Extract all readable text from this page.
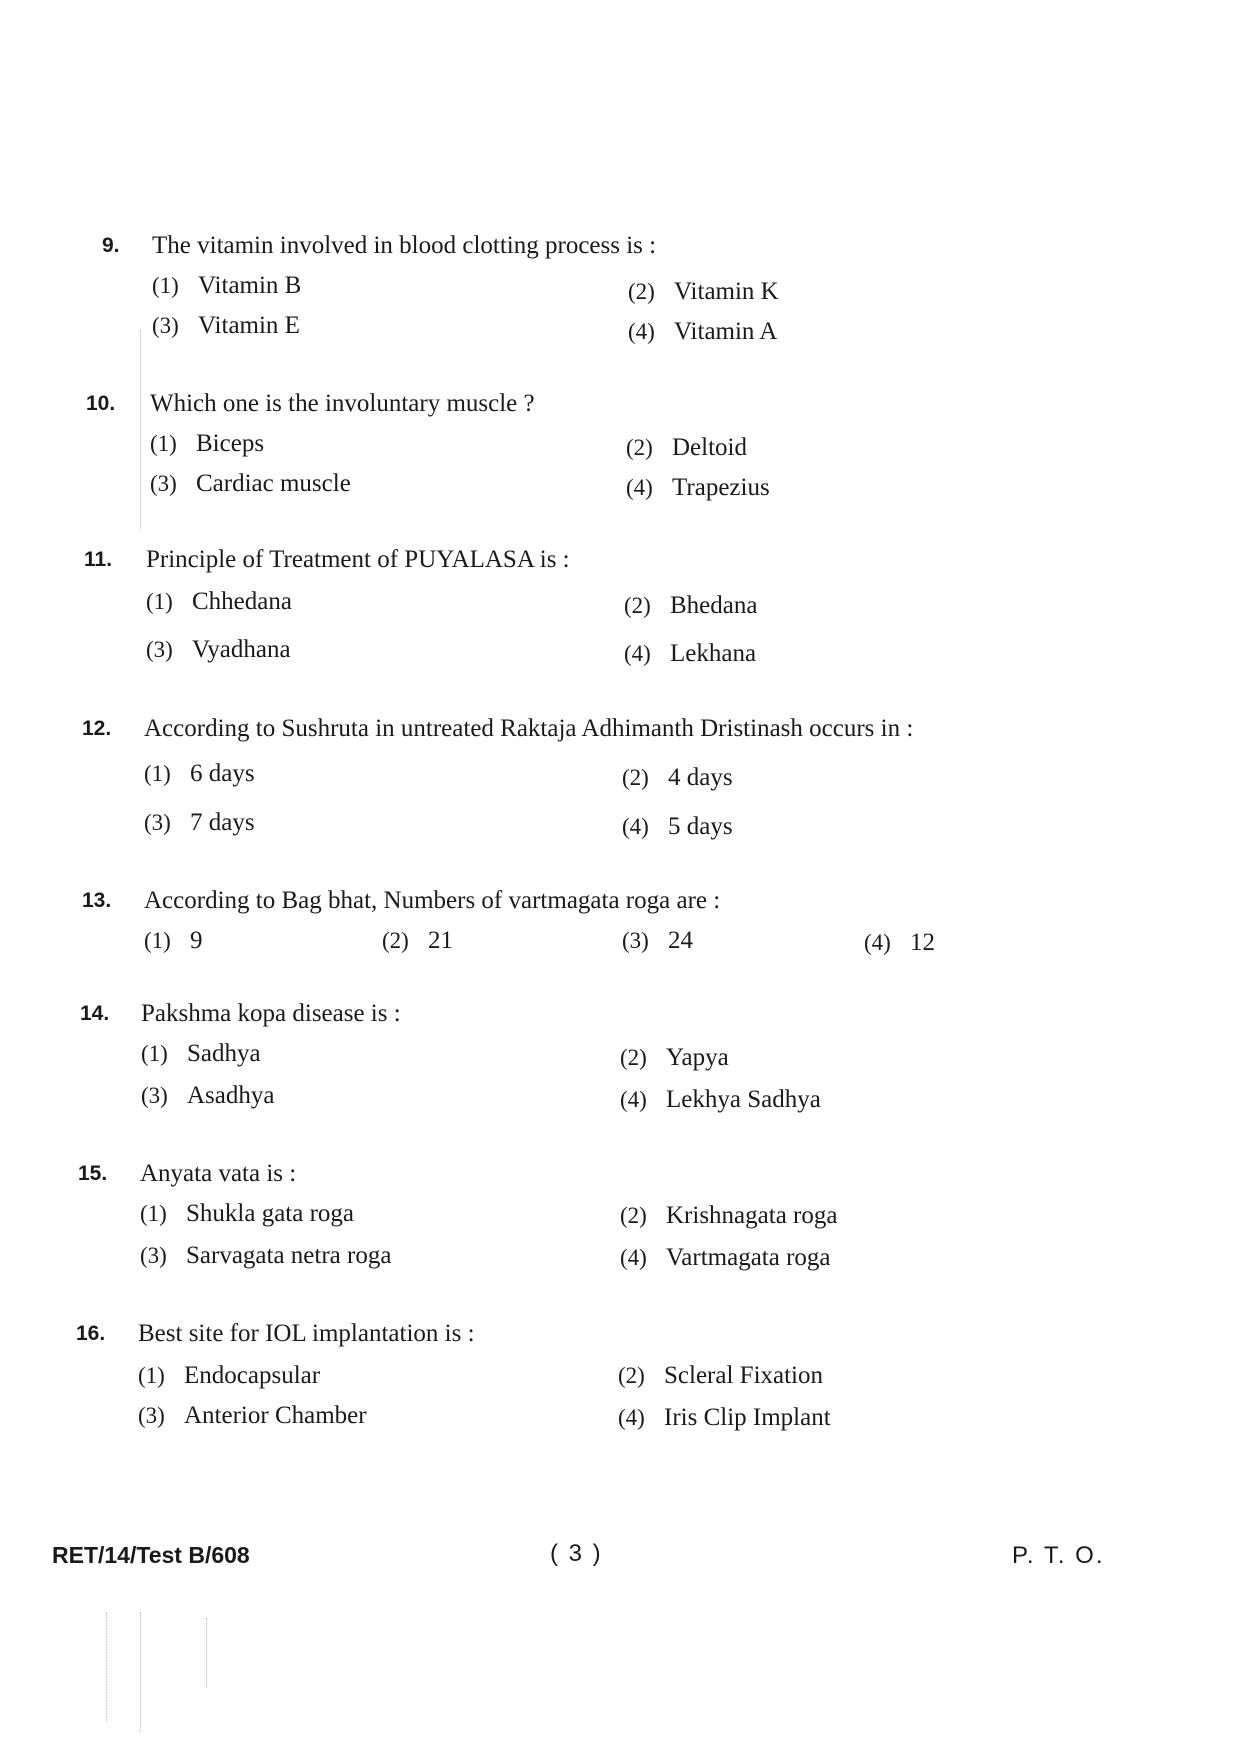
9. The vitamin involved in blood clotting process is :
(1) Vitamin B	(2) Vitamin K
(3) Vitamin E	(4) Vitamin A
10. Which one is the involuntary muscle ?
(1) Biceps	(2) Deltoid
(3) Cardiac muscle	(4) Trapezius
11. Principle of Treatment of PUYALASA is :
(1) Chhedana	(2) Bhedana
(3) Vyadhana	(4) Lekhana
12. According to Sushruta in untreated Raktaja Adhimanth Dristinash occurs in :
(1) 6 days	(2) 4 days
(3) 7 days	(4) 5 days
13. According to Bag bhat, Numbers of vartmagata roga are :
(1) 9	(2) 21	(3) 24	(4) 12
14. Pakshma kopa disease is :
(1) Sadhya	(2) Yapya
(3) Asadhya	(4) Lekhya Sadhya
15. Anyata vata is :
(1) Shukla gata roga	(2) Krishnagata roga
(3) Sarvagata netra roga	(4) Vartmagata roga
16. Best site for IOL implantation is :
(1) Endocapsular	(2) Scleral Fixation
(3) Anterior Chamber	(4) Iris Clip Implant
RET/14/Test B/608	( 3 )	P. T. O.
